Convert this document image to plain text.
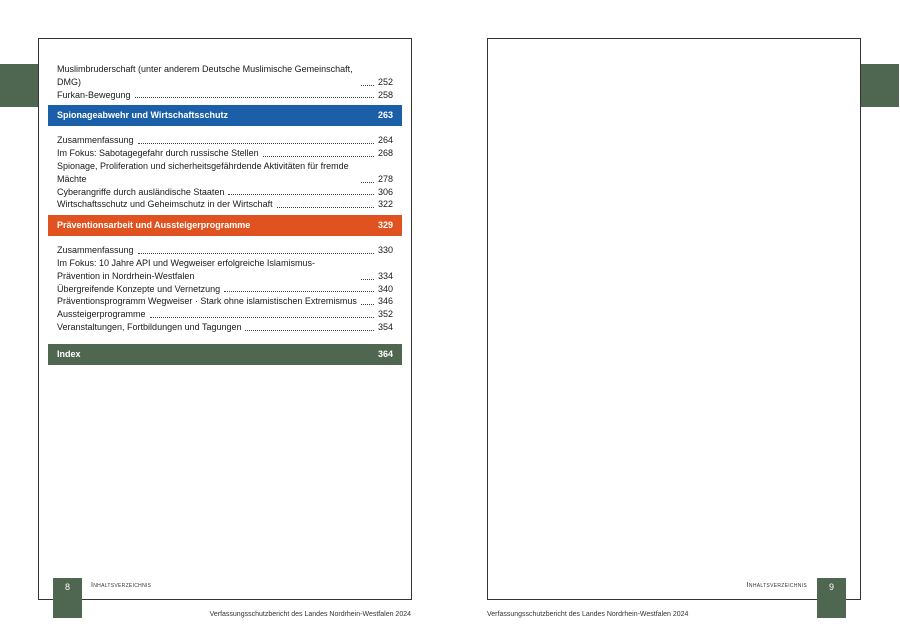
Muslimbruderschaft (unter anderem Deutsche Muslimische Gemeinschaft, DMG)	252
Furkan-Bewegung	258
Spionageabwehr und Wirtschaftsschutz	263
Zusammenfassung	264
Im Fokus: Sabotagegefahr durch russische Stellen	268
Spionage, Proliferation und sicherheitsgefährdende Aktivitäten für fremde Mächte	278
Cyberangriffe durch ausländische Staaten	306
Wirtschaftsschutz und Geheimschutz in der Wirtschaft	322
Präventionsarbeit und Aussteigerprogramme	329
Zusammenfassung	330
Im Fokus: 10 Jahre API und Wegweiser erfolgreiche Islamismus-Prävention in Nordrhein-Westfalen	334
Übergreifende Konzepte und Vernetzung	340
Präventionsprogramm Wegweiser · Stark ohne islamistischen Extremismus 346
Aussteigerprogramme	352
Veranstaltungen, Fortbildungen und Tagungen	354
Index	364
8	Inhaltsverzeichnis
Verfassungsschutzbericht des Landes Nordrhein-Westfalen 2024
9
Inhaltsverzeichnis
Verfassungsschutzbericht des Landes Nordrhein-Westfalen 2024
